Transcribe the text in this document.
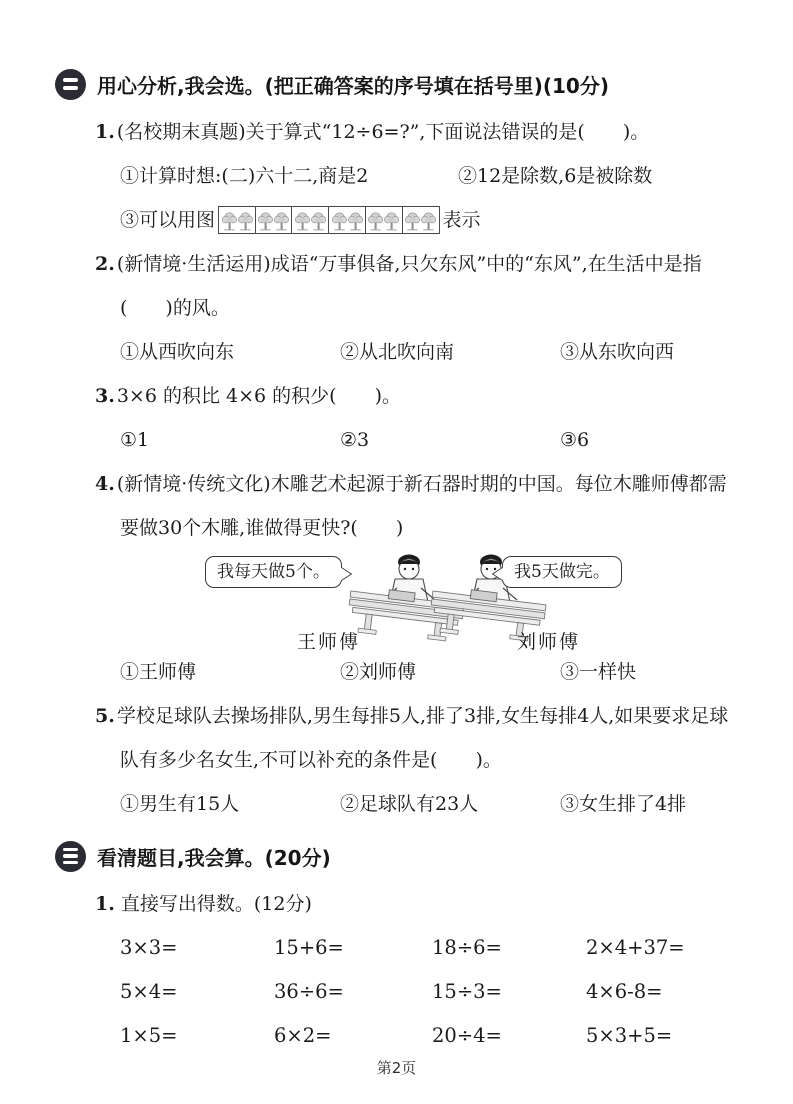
用心分析,我会选。(把正确答案的序号填在括号里)(10分)

1. (名校期末真题)关于算式“12÷6=?”,下面说法错误的是(　　)。

①计算时想:(二)六十二,商是2	②12是除数,6是被除数
③可以用图	表示

2. (新情境·生活运用)成语“万事俱备,只欠东风”中的“东风”,在生活中是指(　　)的风。

①从西吹向东	②从北吹向南	③从东吹向西

3. 3×6 的积比 4×6 的积少(　　)。

①1	②3	③6

4. (新情境·传统文化)木雕艺术起源于新石器时期的中国。每位木雕师傅都需要做30个木雕,谁做得更快?(　　)

我每天做5个。	我5天做完。
王师傅	刘师傅
①王师傅	②刘师傅	③一样快

5. 学校足球队去操场排队,男生每排5人,排了3排,女生每排4人,如果要求足球队有多少名女生,不可以补充的条件是(　　)。

①男生有15人	②足球队有23人	③女生排了4排
看清题目,我会算。(20分)
1. 直接写出得数。(12分)
3×3=	15+6=	18÷6=	2×4+37=
5×4=	36÷6=	15÷3=	4×6-8=
1×5=	6×2=	20÷4=	5×3+5=
第2页
